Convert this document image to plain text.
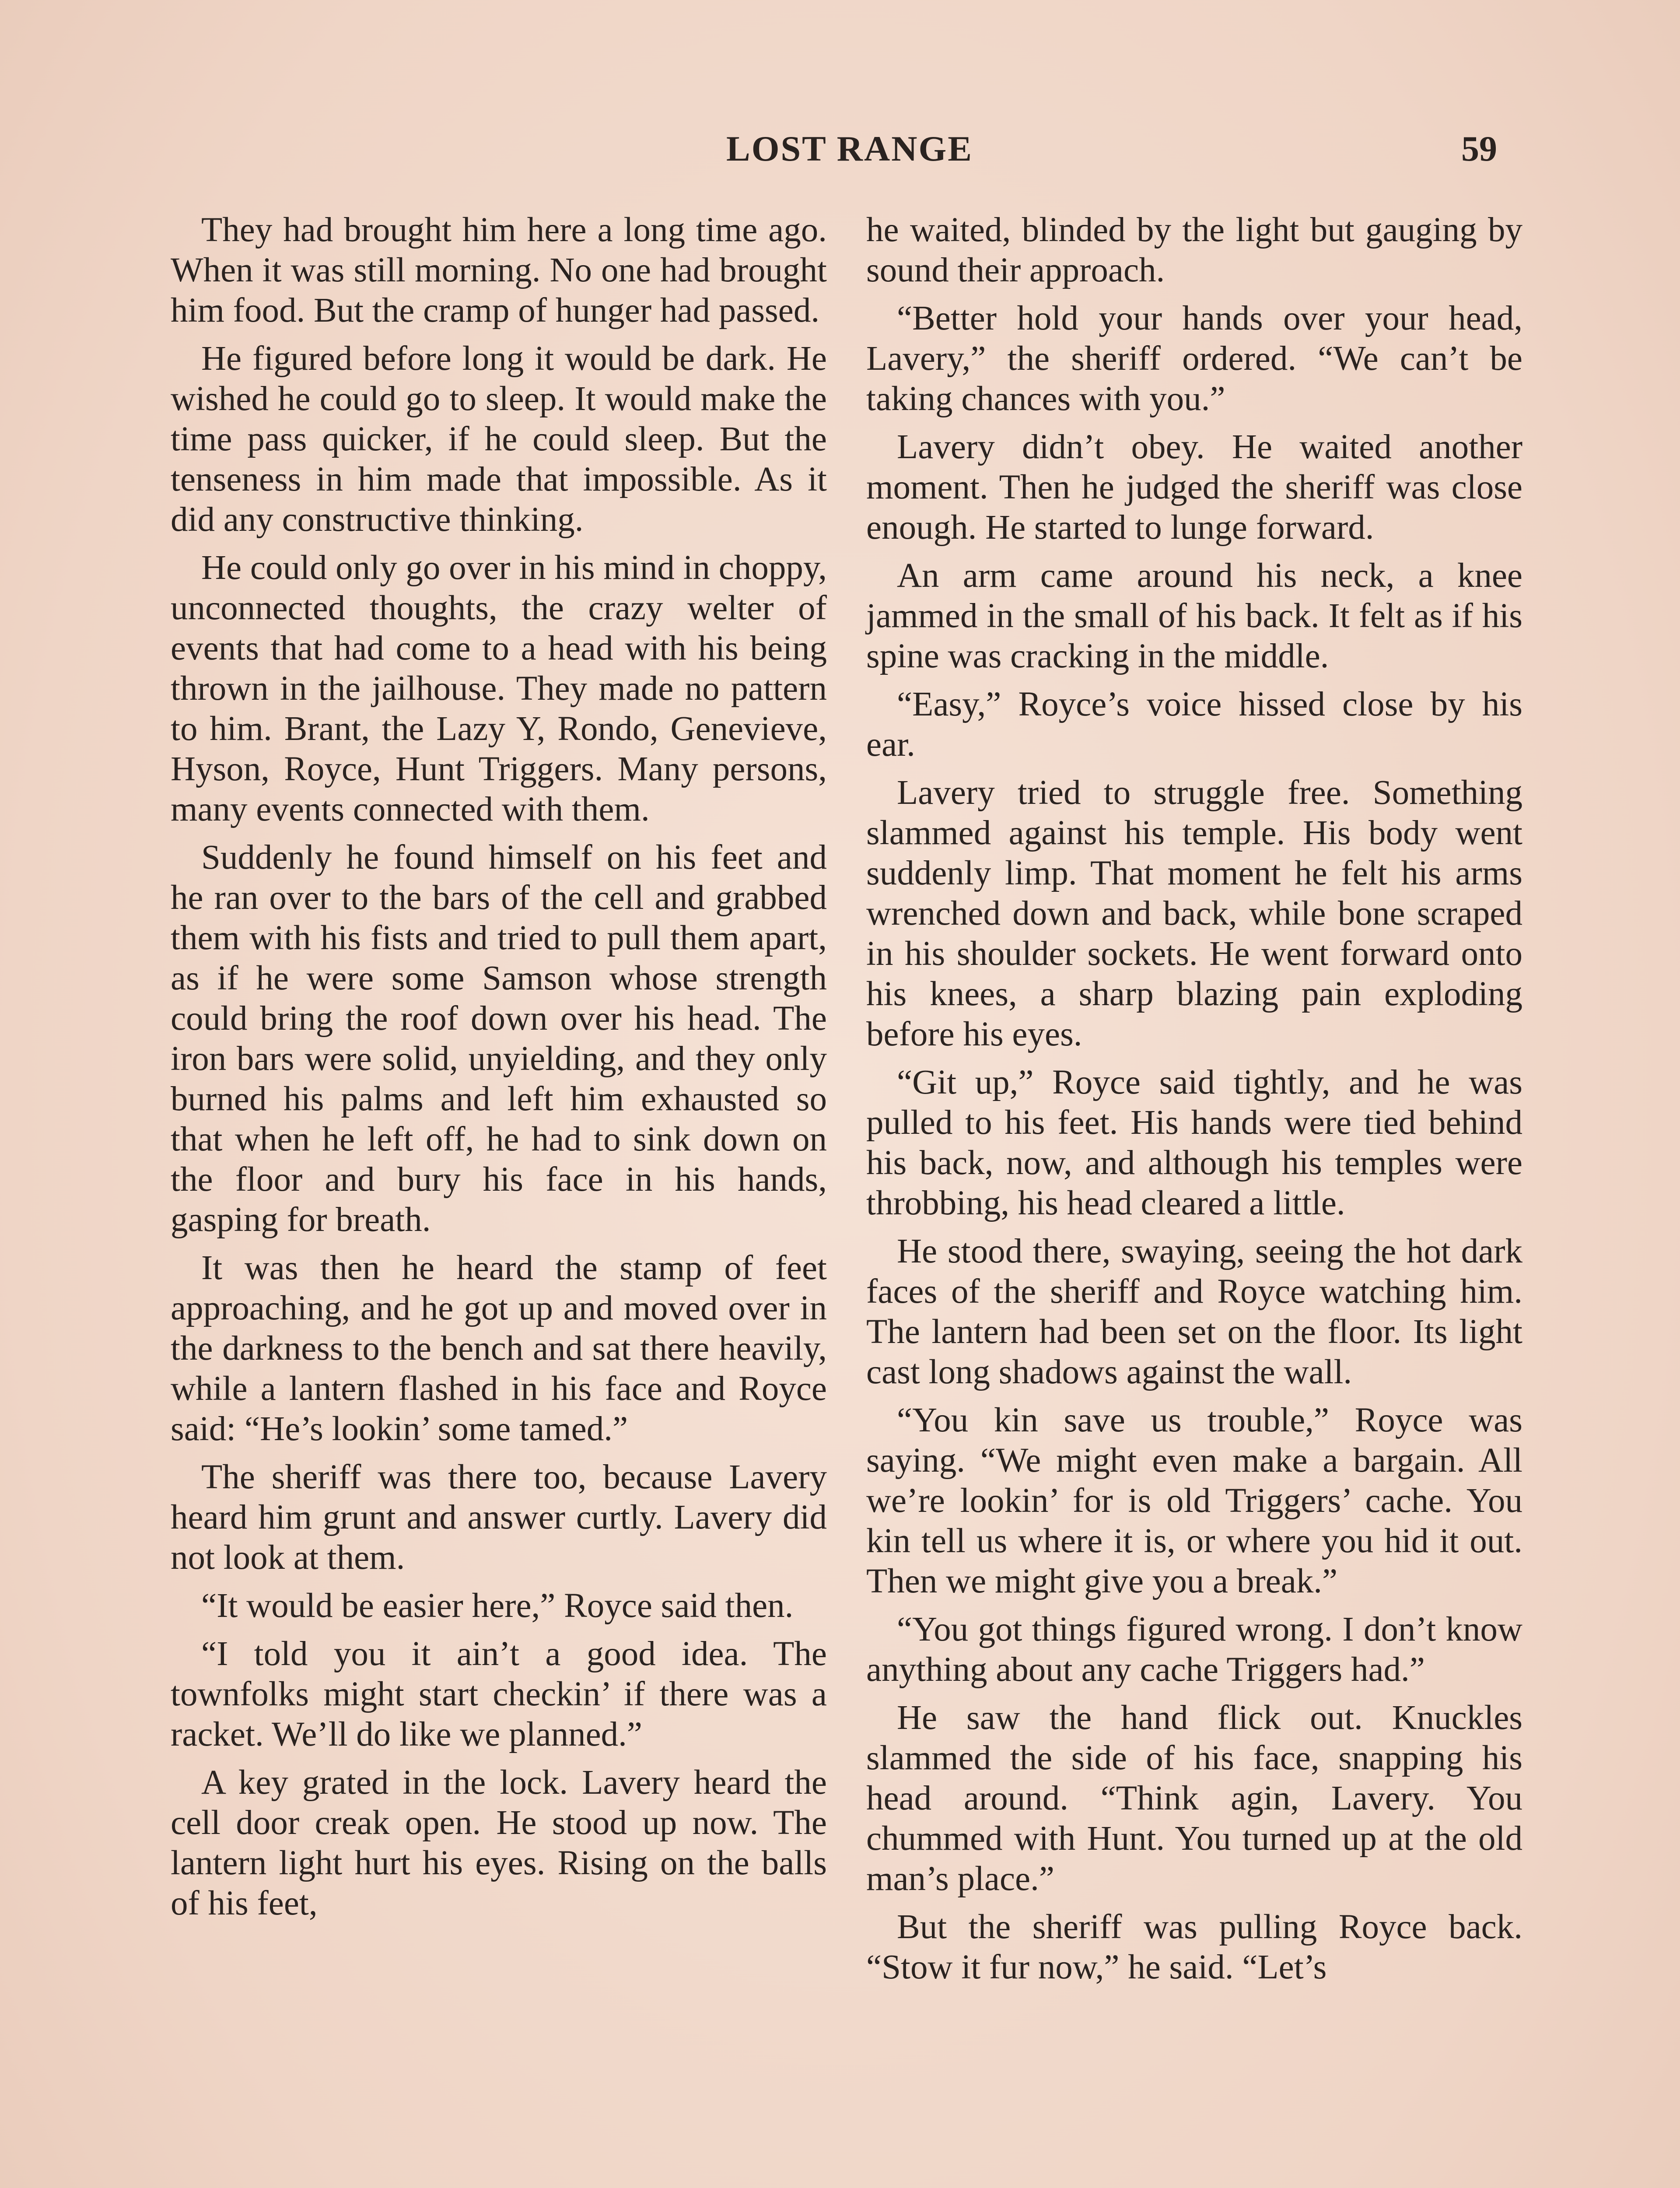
LOST RANGE	59

They had brought him here a long time ago. When it was still morning. No one had brought him food. But the cramp of hunger had passed.

He figured before long it would be dark. He wished he could go to sleep. It would make the time pass quicker, if he could sleep. But the tenseness in him made that impossible. As it did any constructive thinking.

He could only go over in his mind in choppy, unconnected thoughts, the crazy welter of events that had come to a head with his being thrown in the jailhouse. They made no pattern to him. Brant, the Lazy Y, Rondo, Genevieve, Hyson, Royce, Hunt Triggers. Many persons, many events connected with them.

Suddenly he found himself on his feet and he ran over to the bars of the cell and grabbed them with his fists and tried to pull them apart, as if he were some Samson whose strength could bring the roof down over his head. The iron bars were solid, unyielding, and they only burned his palms and left him exhausted so that when he left off, he had to sink down on the floor and bury his face in his hands, gasping for breath.

It was then he heard the stamp of feet approaching, and he got up and moved over in the darkness to the bench and sat there heavily, while a lantern flashed in his face and Royce said: “He’s lookin’ some tamed.”

The sheriff was there too, because Lavery heard him grunt and answer curtly. Lavery did not look at them.

“It would be easier here,” Royce said then.

“I told you it ain’t a good idea. The townfolks might start checkin’ if there was a racket. We’ll do like we planned.”

A key grated in the lock. Lavery heard the cell door creak open. He stood up now. The lantern light hurt his eyes. Rising on the balls of his feet,

he waited, blinded by the light but gauging by sound their approach.

“Better hold your hands over your head, Lavery,” the sheriff ordered. “We can’t be taking chances with you.”

Lavery didn’t obey. He waited another moment. Then he judged the sheriff was close enough. He started to lunge forward.

An arm came around his neck, a knee jammed in the small of his back. It felt as if his spine was cracking in the middle.

“Easy,” Royce’s voice hissed close by his ear.

Lavery tried to struggle free. Something slammed against his temple. His body went suddenly limp. That moment he felt his arms wrenched down and back, while bone scraped in his shoulder sockets. He went forward onto his knees, a sharp blazing pain exploding before his eyes.

“Git up,” Royce said tightly, and he was pulled to his feet. His hands were tied behind his back, now, and although his temples were throbbing, his head cleared a little.

He stood there, swaying, seeing the hot dark faces of the sheriff and Royce watching him. The lantern had been set on the floor. Its light cast long shadows against the wall.

“You kin save us trouble,” Royce was saying. “We might even make a bargain. All we’re lookin’ for is old Triggers’ cache. You kin tell us where it is, or where you hid it out. Then we might give you a break.”

“You got things figured wrong. I don’t know anything about any cache Triggers had.”

He saw the hand flick out. Knuckles slammed the side of his face, snapping his head around. “Think agin, Lavery. You chummed with Hunt. You turned up at the old man’s place.”

But the sheriff was pulling Royce back. “Stow it fur now,” he said. “Let’s
